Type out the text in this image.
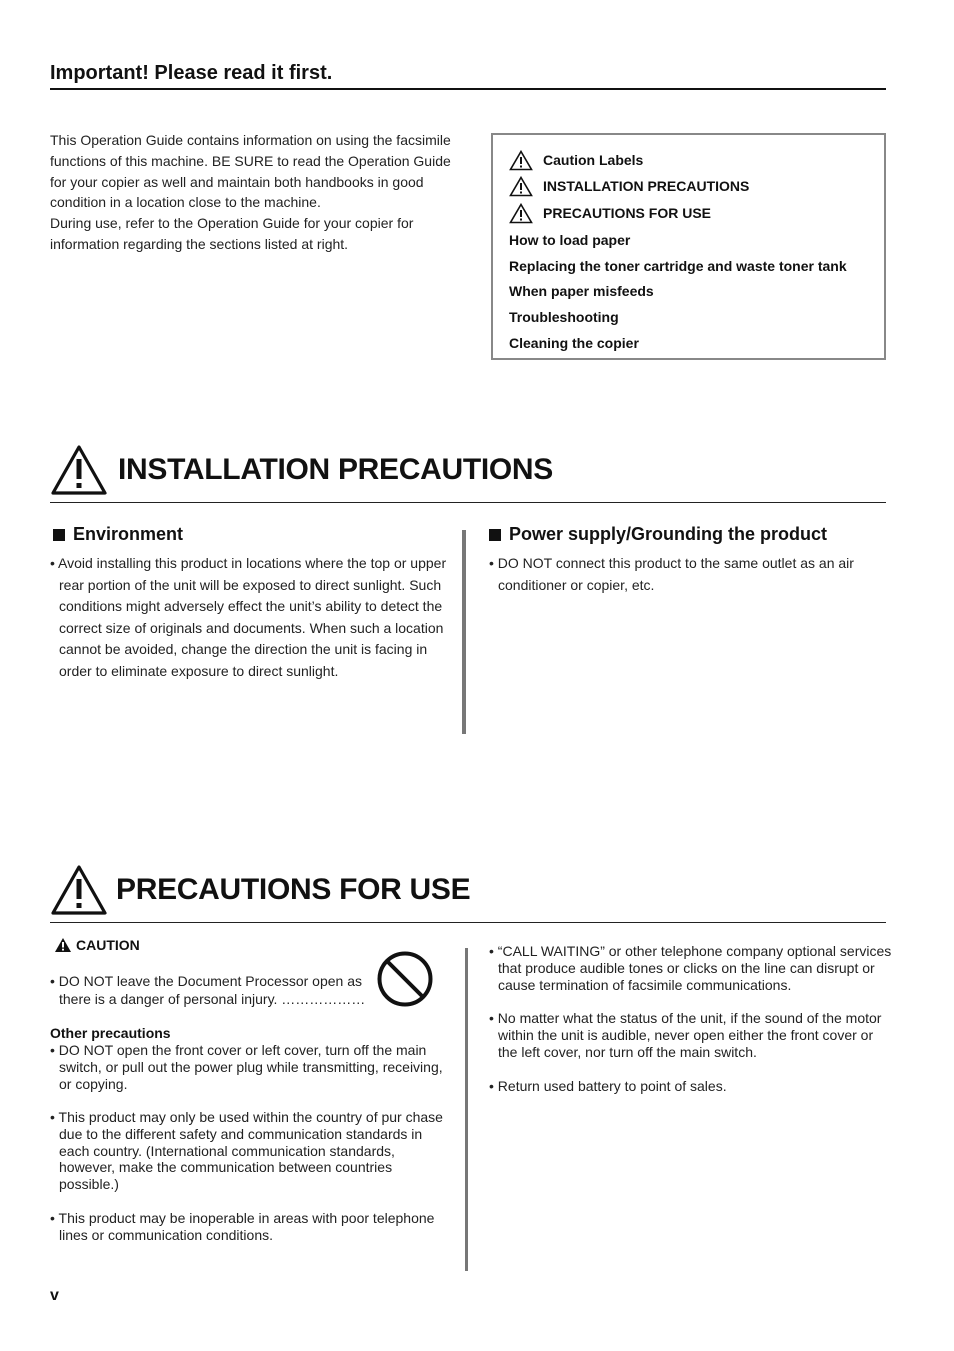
Important! Please read it first.

This Operation Guide contains information on using the facsimile functions of this machine. BE SURE to read the Operation Guide for your copier as well and maintain both handbooks in good condition in a location close to the machine.

During use, refer to the Operation Guide for your copier for information regarding the sections listed at right.

Caution Labels
INSTALLATION PRECAUTIONS
PRECAUTIONS FOR USE
How to load paper
Replacing the toner cartridge and waste toner tank
When paper misfeeds
Troubleshooting
Cleaning the copier
INSTALLATION PRECAUTIONS
Environment
• Avoid installing this product in locations where the top or upper rear portion of the unit will be exposed to direct sunlight. Such conditions might adversely effect the unit’s ability to detect the correct size of originals and documents. When such a location cannot be avoided, change the direction the unit is facing in order to eliminate exposure to direct sunlight.
Power supply/Grounding the product
• DO NOT connect this product to the same outlet as an air conditioner or copier, etc.
PRECAUTIONS FOR USE
CAUTION
• DO NOT leave the Document Processor open as there is a danger of personal injury. ………………
Other precautions
• DO NOT open the front cover or left cover, turn off the main switch, or pull out the power plug while transmitting, receiving, or copying.
• This product may only be used within the country of pur chase due to the different safety and communication standards in each country. (International communication standards, however, make the communication between countries possible.)
• This product may be inoperable in areas with poor telephone lines or communication conditions.
• “CALL WAITING” or other telephone company optional services that produce audible tones or clicks on the line can disrupt or cause termination of facsimile communications.
• No matter what the status of the unit, if the sound of the motor within the unit is audible, never open either the front cover or the left cover, nor turn off the main switch.
• Return used battery to point of sales.
v
